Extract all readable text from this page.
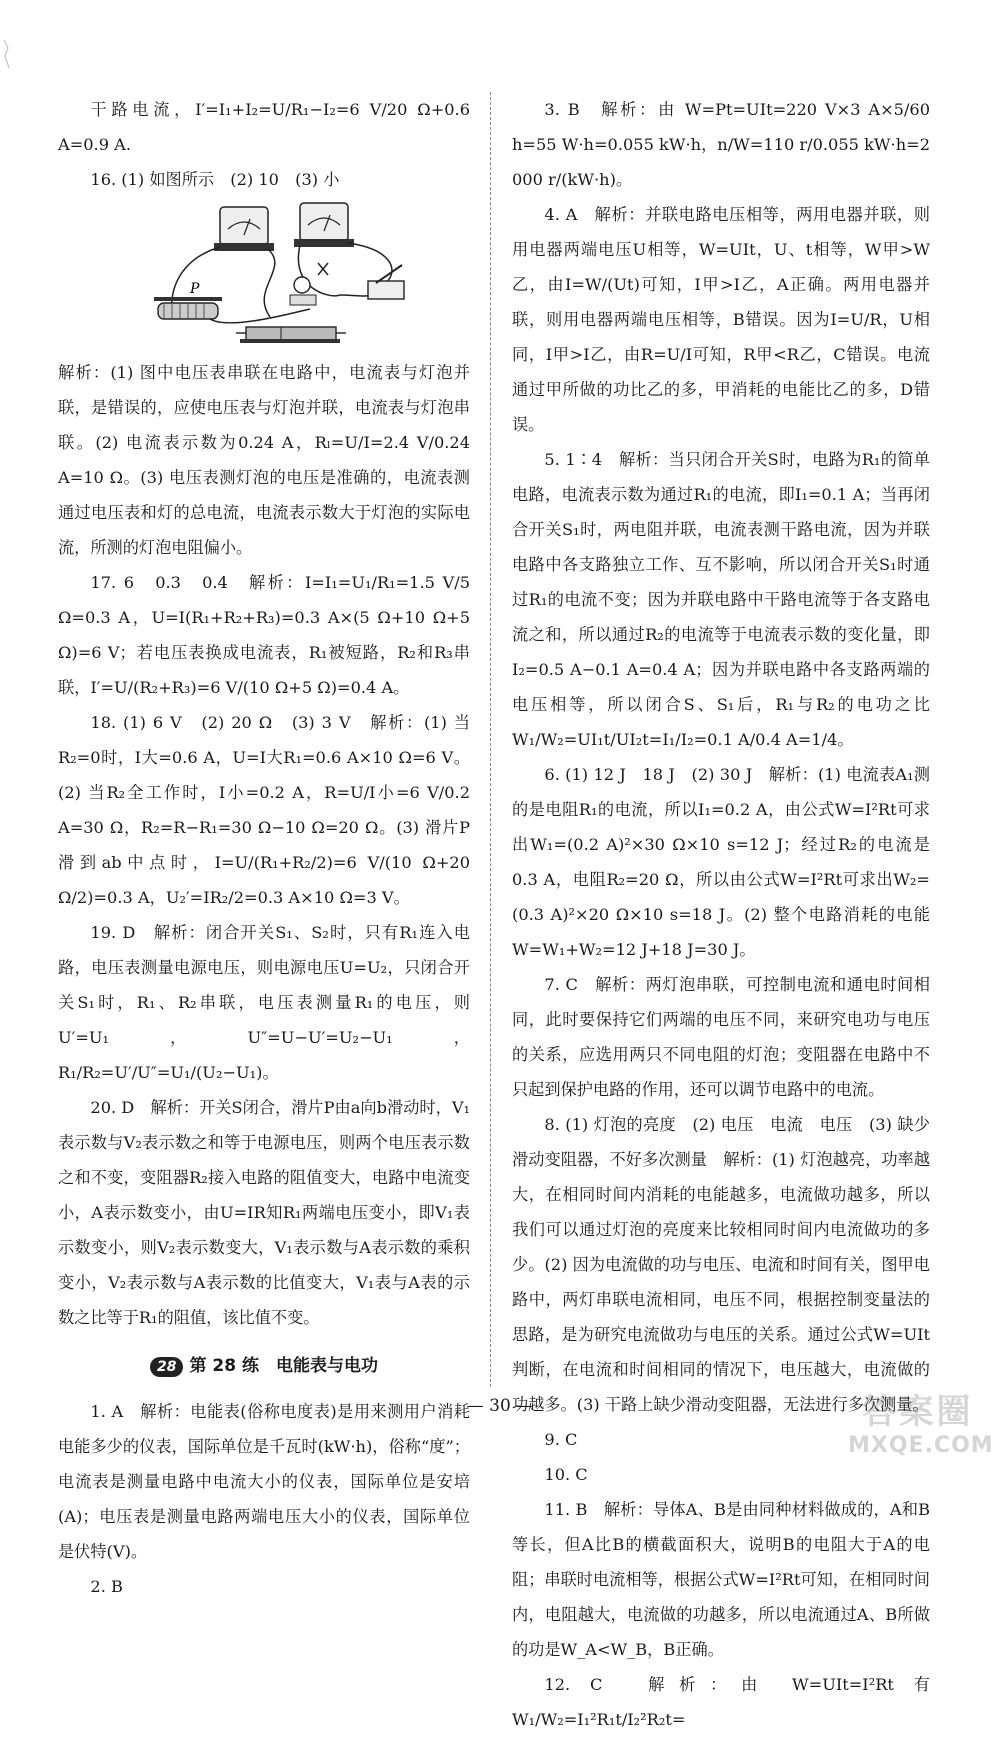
干路电流，I′=I₁+I₂=U/R₁−I₂=6 V/20 Ω+0.6 A=0.9 A.

16. (1) 如图所示　(2) 10　(3) 小

P

解析：(1) 图中电压表串联在电路中，电流表与灯泡并联，是错误的，应使电压表与灯泡并联，电流表与灯泡串联。(2) 电流表示数为0.24 A，Rₗ=U/I=2.4 V/0.24 A=10 Ω。(3) 电压表测灯泡的电压是准确的，电流表测通过电压表和灯的总电流，电流表示数大于灯泡的实际电流，所测的灯泡电阻偏小。

17. 6　0.3　0.4　解析：I=I₁=U₁/R₁=1.5 V/5 Ω=0.3 A，U=I(R₁+R₂+R₃)=0.3 A×(5 Ω+10 Ω+5 Ω)=6 V；若电压表换成电流表，R₁被短路，R₂和R₃串联，I′=U/(R₂+R₃)=6 V/(10 Ω+5 Ω)=0.4 A。

18. (1) 6 V　(2) 20 Ω　(3) 3 V　解析：(1) 当R₂=0时，I大=0.6 A，U=I大R₁=0.6 A×10 Ω=6 V。(2) 当R₂全工作时，I小=0.2 A，R=U/I小=6 V/0.2 A=30 Ω，R₂=R−R₁=30 Ω−10 Ω=20 Ω。(3) 滑片P滑到ab中点时，I=U/(R₁+R₂/2)=6 V/(10 Ω+20 Ω/2)=0.3 A，U₂′=IR₂/2=0.3 A×10 Ω=3 V。

19. D　解析：闭合开关S₁、S₂时，只有R₁连入电路，电压表测量电源电压，则电源电压U=U₂，只闭合开关S₁时，R₁、R₂串联，电压表测量R₁的电压，则U′=U₁，U″=U−U′=U₂−U₁，R₁/R₂=U′/U″=U₁/(U₂−U₁)。

20. D　解析：开关S闭合，滑片P由a向b滑动时，V₁表示数与V₂表示数之和等于电源电压，则两个电压表示数之和不变，变阻器R₂接入电路的阻值变大，电路中电流变小，A表示数变小，由U=IR知R₁两端电压变小，即V₁表示数变小，则V₂表示数变大，V₁表示数与A表示数的乘积变小，V₂表示数与A表示数的比值变大，V₁表与A表的示数之比等于R₁的阻值，该比值不变。

28 第 28 练　电能表与电功

1. A　解析：电能表(俗称电度表)是用来测用户消耗电能多少的仪表，国际单位是千瓦时(kW·h)，俗称“度”；电流表是测量电路中电流大小的仪表，国际单位是安培(A)；电压表是测量电路两端电压大小的仪表，国际单位是伏特(V)。

2. B

3. B　解析：由 W=Pt=UIt=220 V×3 A×5/60 h=55 W·h=0.055 kW·h，n/W=110 r/0.055 kW·h=2 000 r/(kW·h)。

4. A　解析：并联电路电压相等，两用电器并联，则用电器两端电压U相等，W=UIt，U、t相等，W甲>W乙，由I=W/(Ut)可知，I甲>I乙，A正确。两用电器并联，则用电器两端电压相等，B错误。因为I=U/R，U相同，I甲>I乙，由R=U/I可知，R甲<R乙，C错误。电流通过甲所做的功比乙的多，甲消耗的电能比乙的多，D错误。

5. 1∶4　解析：当只闭合开关S时，电路为R₁的简单电路，电流表示数为通过R₁的电流，即I₁=0.1 A；当再闭合开关S₁时，两电阻并联，电流表测干路电流，因为并联电路中各支路独立工作、互不影响，所以闭合开关S₁时通过R₁的电流不变；因为并联电路中干路电流等于各支路电流之和，所以通过R₂的电流等于电流表示数的变化量，即I₂=0.5 A−0.1 A=0.4 A；因为并联电路中各支路两端的电压相等，所以闭合S、S₁后，R₁与R₂的电功之比W₁/W₂=UI₁t/UI₂t=I₁/I₂=0.1 A/0.4 A=1/4。

6. (1) 12 J　18 J　(2) 30 J　解析：(1) 电流表A₁测的是电阻R₁的电流，所以I₁=0.2 A，由公式W=I²Rt可求出W₁=(0.2 A)²×30 Ω×10 s=12 J；经过R₂的电流是0.3 A，电阻R₂=20 Ω，所以由公式W=I²Rt可求出W₂=(0.3 A)²×20 Ω×10 s=18 J。(2) 整个电路消耗的电能W=W₁+W₂=12 J+18 J=30 J。

7. C　解析：两灯泡串联，可控制电流和通电时间相同，此时要保持它们两端的电压不同，来研究电功与电压的关系，应选用两只不同电阻的灯泡；变阻器在电路中不只起到保护电路的作用，还可以调节电路中的电流。

8. (1) 灯泡的亮度　(2) 电压　电流　电压　(3) 缺少滑动变阻器，不好多次测量　解析：(1) 灯泡越亮，功率越大，在相同时间内消耗的电能越多，电流做功越多，所以我们可以通过灯泡的亮度来比较相同时间内电流做功的多少。(2) 因为电流做的功与电压、电流和时间有关，图甲电路中，两灯串联电流相同，电压不同，根据控制变量法的思路，是为研究电流做功与电压的关系。通过公式W=UIt判断，在电流和时间相同的情况下，电压越大，电流做的功越多。(3) 干路上缺少滑动变阻器，无法进行多次测量。

9. C

10. C

11. B　解析：导体A、B是由同种材料做成的，A和B等长，但A比B的横截面积大，说明B的电阻大于A的电阻；串联时电流相等，根据公式W=I²Rt可知，在相同时间内，电阻越大，电流做的功越多，所以电流通过A、B所做的功是W_A<W_B，B正确。

12. C　解析：由 W=UIt=I²Rt 有 W₁/W₂=I₁²R₁t/I₂²R₂t=

— 30 —	答案圈
MXQE.COM
